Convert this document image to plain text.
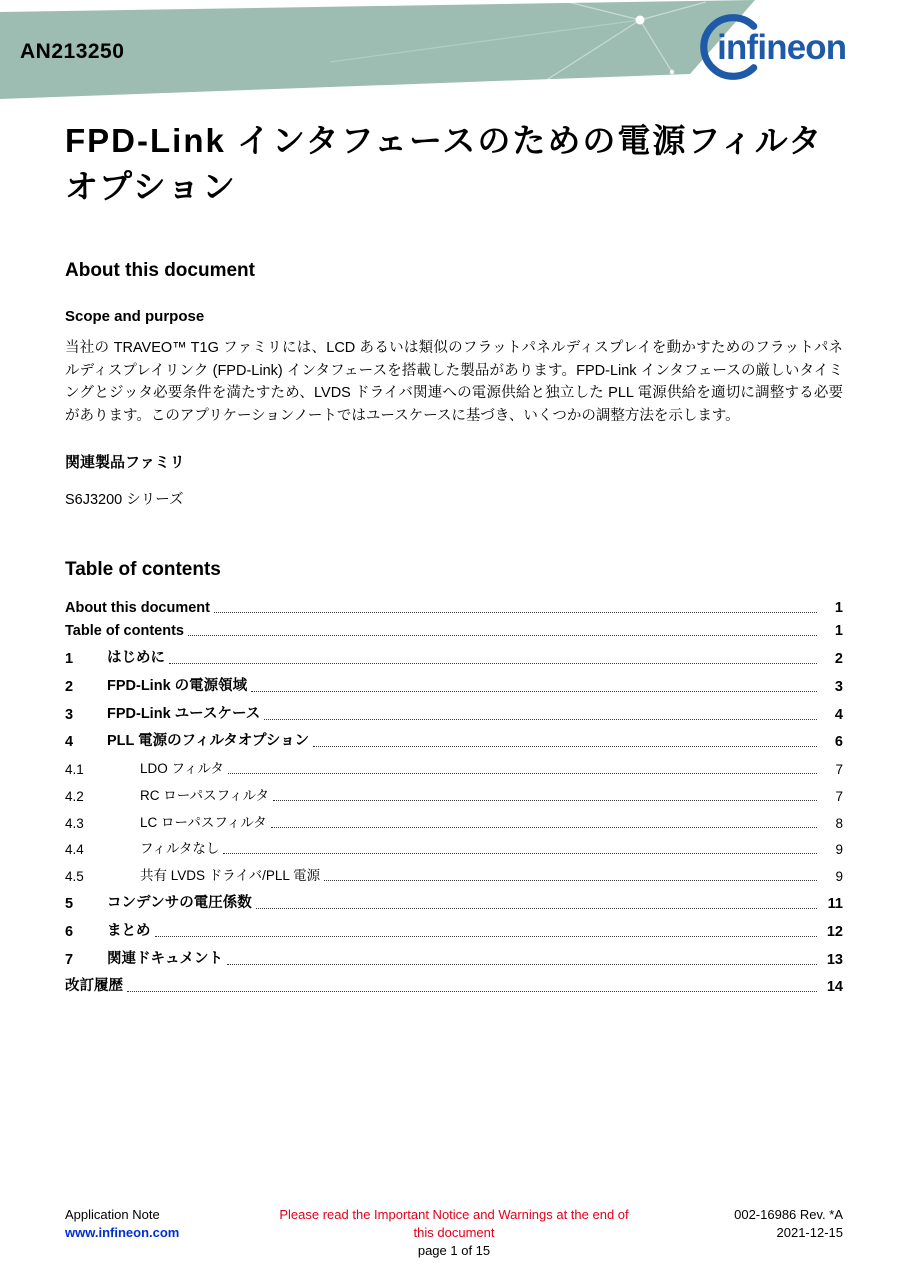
AN213250	infineon
FPD-Link インタフェースのための電源フィルタ
オプション
About this document
Scope and purpose

当社の TRAVEO™ T1G ファミリには、LCD あるいは類似のフラットパネルディスプレイを動かすためのフラットパネルディスプレイリンク (FPD-Link) インタフェースを搭載した製品があります。FPD-Link インタフェースの厳しいタイミングとジッタ必要条件を満たすため、LVDS ドライバ関連への電源供給と独立した PLL 電源供給を適切に調整する必要があります。このアプリケーションノートではユースケースに基づき、いくつかの調整方法を示します。

関連製品ファミリ

S6J3200 シリーズ

Table of contents
About this document	1
Table of contents	1
1	はじめに	2
2	FPD-Link の電源領域	3
3	FPD-Link ユースケース	4
4	PLL 電源のフィルタオプション	6
4.1	LDO フィルタ	7
4.2	RC ローパスフィルタ	7
4.3	LC ローパスフィルタ	8
4.4	フィルタなし	9
4.5	共有 LVDS ドライバ/PLL 電源	9
5	コンデンサの電圧係数	11
6	まとめ	12
7	関連ドキュメント	13
改訂履歴	14
Application Note
www.infineon.com
Please read the Important Notice and Warnings at the end of this document
page 1 of 15
002-16986 Rev. *A
2021-12-15
